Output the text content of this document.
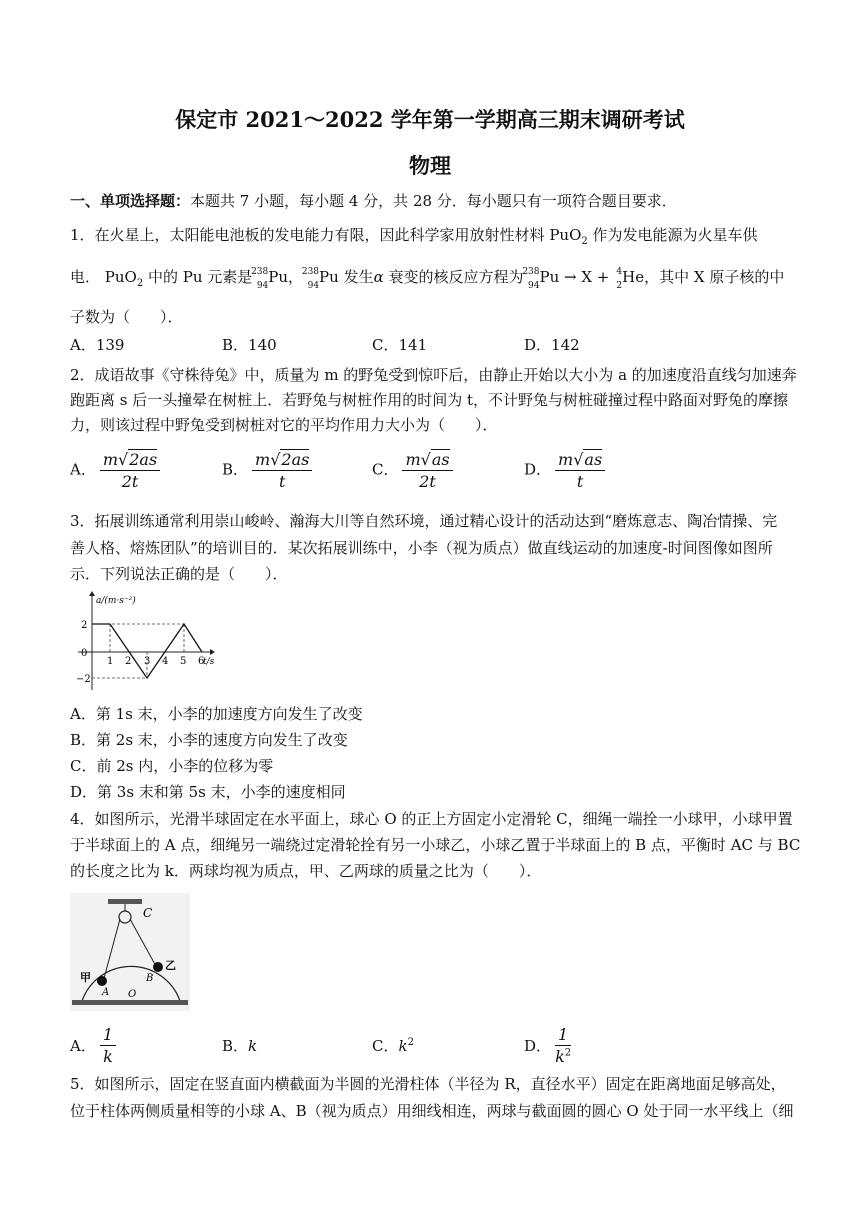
保定市 2021～2022 学年第一学期高三期末调研考试
物理
一、单项选择题：本题共 7 小题，每小题 4 分，共 28 分．每小题只有一项符合题目要求．
1．在火星上，太阳能电池板的发电能力有限，因此科学家用放射性材料 PuO$_2$ 作为发电能源为火星车供
电． PuO$_2$ 中的 Pu 元素是
238
94 Pu，
238
94 Pu 发生α 衰变的核反应方程为
238
94 Pu → X + 4
2 He，其中 X 原子核的中
子数为（　　）．
A．139	B．140	C．141	D．142
2．成语故事《守株待兔》中，质量为 m 的野兔受到惊吓后，由静止开始以大小为 a 的加速度沿直线匀加速奔
跑距离 s 后一头撞晕在树桩上．若野兔与树桩作用的时间为 t，不计野兔与树桩碰撞过程中路面对野兔的摩擦
力，则该过程中野兔受到树桩对它的平均作用力大小为（　　）．
A． $\frac{m√2as}{2t}$	B． $\frac{m√2as}{t}$	C． $\frac{m√as}{2t}$	D． $\frac{m√as}{t}$
3．拓展训练通常利用崇山峻岭、瀚海大川等自然环境，通过精心设计的活动达到“磨炼意志、陶冶情操、完
善人格、熔炼团队”的培训目的．某次拓展训练中，小李（视为质点）做直线运动的加速度-时间图像如图所
示．下列说法正确的是（　　）．
a/(m·s⁻²)
t/s
2
0
−2
1 2 3 4 5 6
A．第 1s 末，小李的加速度方向发生了改变
B．第 2s 末，小李的速度方向发生了改变
C．前 2s 内，小李的位移为零
D．第 3s 末和第 5s 末，小李的速度相同
4．如图所示，光滑半球固定在水平面上，球心 O 的正上方固定小定滑轮 C，细绳一端拴一小球甲，小球甲置
于半球面上的 A 点，细绳另一端绕过定滑轮拴有另一小球乙，小球乙置于半球面上的 B 点，平衡时 AC 与 BC
的长度之比为 k．两球均视为质点，甲、乙两球的质量之比为（　　）．
C
甲
乙
A
B
O
A． $\frac{1}{k}$	B．k	C．$k^2$	D． $\frac{1}{k^2}$
5．如图所示，固定在竖直面内横截面为半圆的光滑柱体（半径为 R，直径水平）固定在距离地面足够高处，
位于柱体两侧质量相等的小球 A、B（视为质点）用细线相连，两球与截面圆的圆心 O 处于同一水平线上（细
